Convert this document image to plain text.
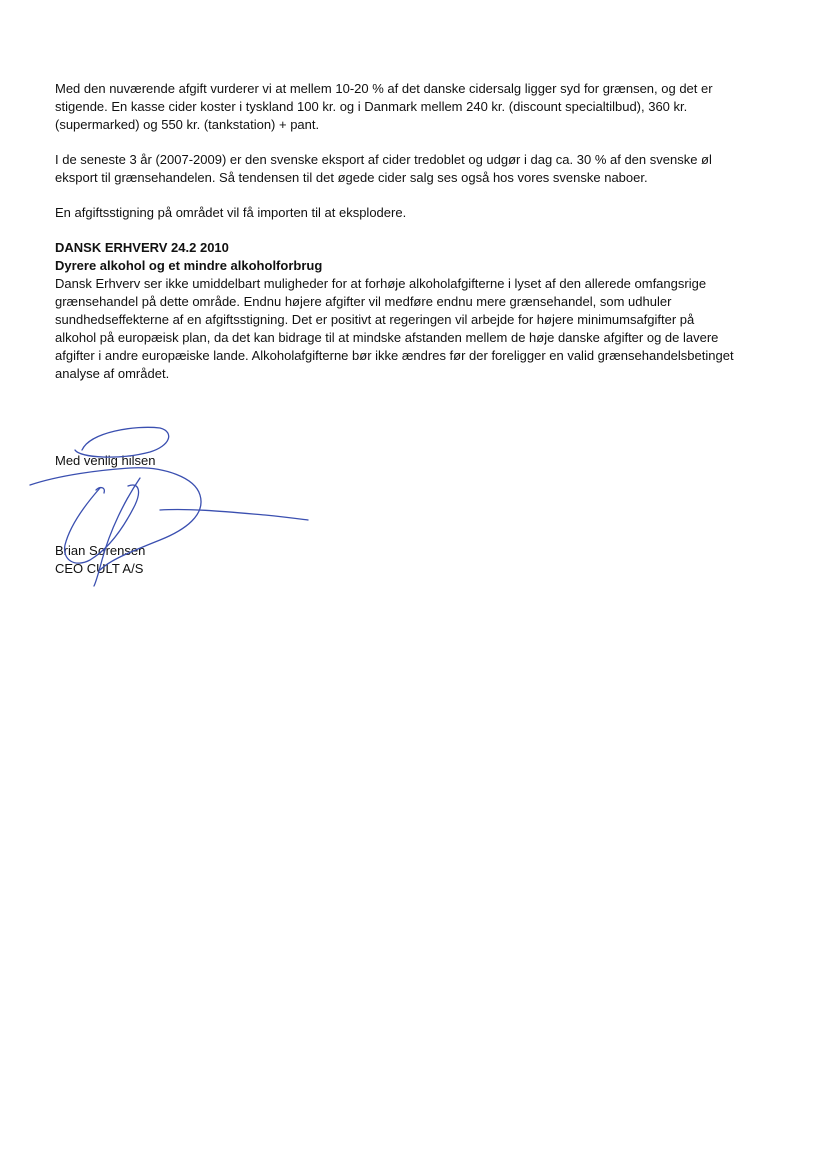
Med den nuværende afgift vurderer vi at mellem 10-20 % af det danske cidersalg ligger syd for grænsen, og det er
stigende. En kasse cider koster i tyskland 100 kr. og i Danmark mellem 240 kr. (discount specialtilbud), 360 kr.
(supermarked) og 550 kr. (tankstation) + pant.

I de seneste 3 år (2007-2009) er den svenske eksport af cider tredoblet og udgør i dag ca. 30 % af den svenske øl
eksport til grænsehandelen. Så tendensen til det øgede cider salg ses også hos vores svenske naboer.

En afgiftsstigning på området vil få importen til at eksplodere.

DANSK ERHVERV 24.2 2010
Dyrere alkohol og et mindre alkoholforbrug
Dansk Erhverv ser ikke umiddelbart muligheder for at forhøje alkoholafgifterne i lyset af den allerede omfangsrige
grænsehandel på dette område. Endnu højere afgifter vil medføre endnu mere grænsehandel, som udhuler
sundhedseffekterne af en afgiftsstigning. Det er positivt at regeringen vil arbejde for højere minimumsafgifter på
alkohol på europæisk plan, da det kan bidrage til at mindske afstanden mellem de høje danske afgifter og de lavere
afgifter i andre europæiske lande. Alkoholafgifterne bør ikke ændres før der foreligger en valid grænsehandelsbetinget
analyse af området.
Med venlig hilsen
Brian Sørensen
CEO CULT A/S
